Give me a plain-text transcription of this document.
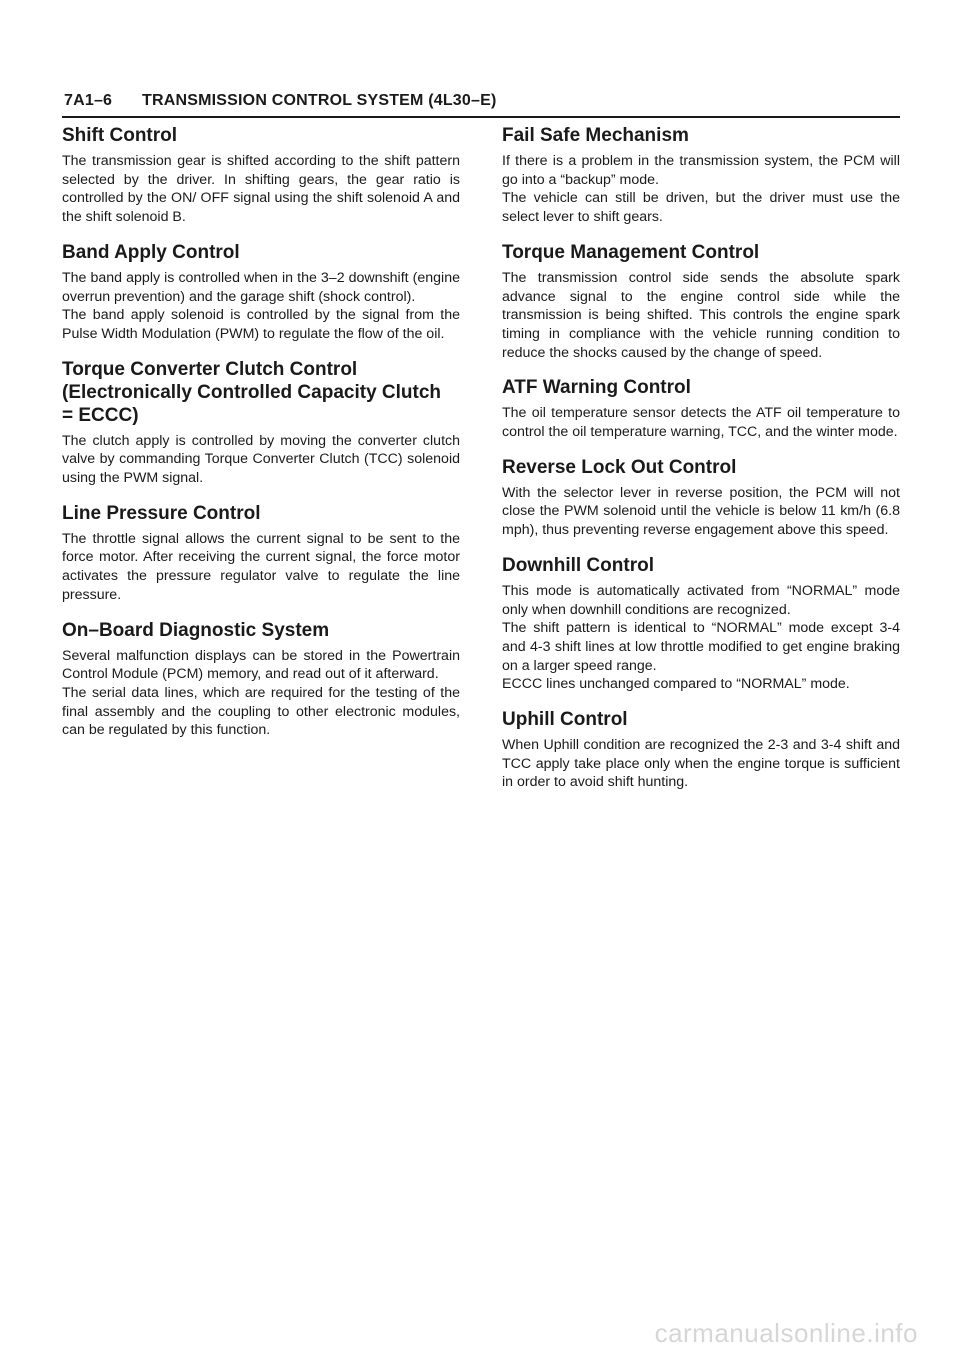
7A1–6 TRANSMISSION CONTROL SYSTEM (4L30–E)
Shift Control

The transmission gear is shifted according to the shift pattern selected by the driver. In shifting gears, the gear ratio is controlled by the ON/ OFF signal using the shift solenoid A and the shift solenoid B.

Band Apply Control

The band apply is controlled when in the 3–2 downshift (engine overrun prevention) and the garage shift (shock control).

The band apply solenoid is controlled by the signal from the Pulse Width Modulation (PWM) to regulate the flow of the oil.

Torque Converter Clutch Control (Electronically Controlled Capacity Clutch = ECCC)

The clutch apply is controlled by moving the converter clutch valve by commanding Torque Converter Clutch (TCC) solenoid using the PWM signal.

Line Pressure Control

The throttle signal allows the current signal to be sent to the force motor. After receiving the current signal, the force motor activates the pressure regulator valve to regulate the line pressure.

On–Board Diagnostic System

Several malfunction displays can be stored in the Powertrain Control Module (PCM) memory, and read out of it afterward.

The serial data lines, which are required for the testing of the final assembly and the coupling to other electronic modules, can be regulated by this function.

Fail Safe Mechanism

If there is a problem in the transmission system, the PCM will go into a “backup” mode.

The vehicle can still be driven, but the driver must use the select lever to shift gears.

Torque Management Control

The transmission control side sends the absolute spark advance signal to the engine control side while the transmission is being shifted. This controls the engine spark timing in compliance with the vehicle running condition to reduce the shocks caused by the change of speed.

ATF Warning Control

The oil temperature sensor detects the ATF oil temperature to control the oil temperature warning, TCC, and the winter mode.

Reverse Lock Out Control

With the selector lever in reverse position, the PCM will not close the PWM solenoid until the vehicle is below 11 km/h (6.8 mph), thus preventing reverse engagement above this speed.

Downhill Control

This mode is automatically activated from “NORMAL” mode only when downhill conditions are recognized.

The shift pattern is identical to “NORMAL” mode except 3-4 and 4-3 shift lines at low throttle modified to get engine braking on a larger speed range.

ECCC lines unchanged compared to “NORMAL” mode.

Uphill Control

When Uphill condition are recognized the 2-3 and 3-4 shift and TCC apply take place only when the engine torque is sufficient in order to avoid shift hunting.

carmanualsonline.info
